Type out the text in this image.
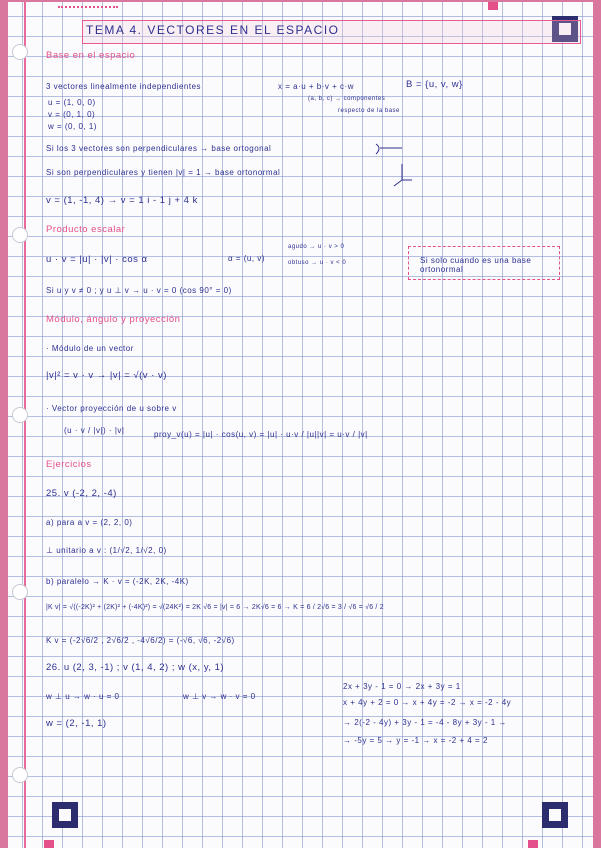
TEMA 4. VECTORES EN EL ESPACIO
Base en el espacio
3 vectores linealmente independientes	x = a·u + b·v + c·w	B = {u, v, w}
u = (1, 0, 0)
v = (0, 1, 0)
w = (0, 0, 1)
(a, b, c) → componentes
respecto de la base
Si los 3 vectores son perpendiculares → base ortogonal
Si son perpendiculares y tienen |v| = 1 → base ortonormal
v = (1, -1, 4) → v = 1 i - 1 j + 4 k
Producto escalar
u · v = |u| · |v| · cos α	α = (u, v)
agudo → u · v > 0
obtuso → u · v < 0	Si solo cuando es una base ortonormal
Si u y v ≠ 0 ; y u ⊥ v → u · v = 0 (cos 90° = 0)
Módulo, ángulo y proyección
· Módulo de un vector
|v|² = v · v → |v| = √(v · v)
· Vector proyección de u sobre v
(u · v / |v|) · |v|	proy_v(u) = |u| · cos(u, v) = |u| · u·v / |u||v| = u·v / |v|
Ejercicios
25. v (-2, 2, -4)
a) para a v = (2, 2, 0)
⊥ unitario a v : (1/√2, 1/√2, 0)
b) paralelo → K · v = (-2K, 2K, -4K)
|K v| = √((-2K)² + (2K)² + (-4K)²) = √(24K²) = 2K √6 = |v| = 6 → 2K√6 = 6 → K = 6 / 2√6 = 3 / √6 = √6 / 2
K v = (-2√6/2 , 2√6/2 , -4√6/2) = (-√6, √6, -2√6)
26. u (2, 3, -1) ; v (1, 4, 2) ; w (x, y, 1)
w ⊥ u → w · u = 0	w ⊥ v → w · v = 0
2x + 3y - 1 = 0 → 2x + 3y = 1
x + 4y + 2 = 0 → x + 4y = -2 → x = -2 - 4y
w = (2, -1, 1)	→ 2(-2 - 4y) + 3y - 1 = -4 - 8y + 3y - 1 →
→ -5y = 5 → y = -1 → x = -2 + 4 = 2
